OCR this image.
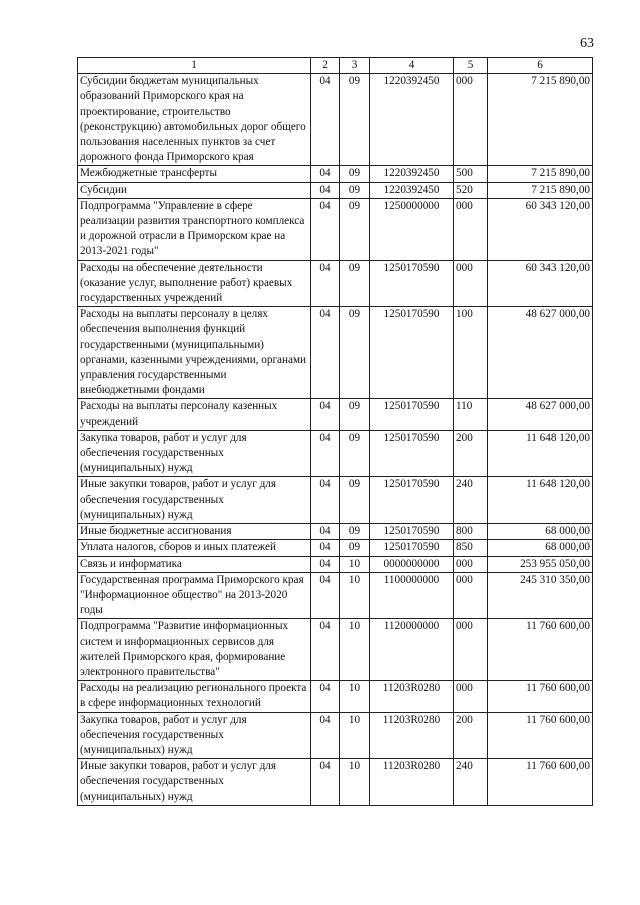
63
1	2	3	4	5	6
Субсидии бюджетам муниципальных образований Приморского края на проектирование, строительство (реконструкцию) автомобильных дорог общего пользования населенных пунктов за счет дорожного фонда Приморского края	04	09	1220392450	000	7 215 890,00
Межбюджетные трансферты	04	09	1220392450	500	7 215 890,00
Субсидии	04	09	1220392450	520	7 215 890,00
Подпрограмма "Управление в сфере реализации развития транспортного комплекса и дорожной отрасли в Приморском крае на 2013-2021 годы"	04	09	1250000000	000	60 343 120,00
Расходы на обеспечение деятельности (оказание услуг, выполнение работ) краевых государственных учреждений	04	09	1250170590	000	60 343 120,00
Расходы на выплаты персоналу в целях обеспечения выполнения функций государственными (муниципальными) органами, казенными учреждениями, органами управления государственными внебюджетными фондами	04	09	1250170590	100	48 627 000,00
Расходы на выплаты персоналу казенных учреждений	04	09	1250170590	110	48 627 000,00
Закупка товаров, работ и услуг для обеспечения государственных (муниципальных) нужд	04	09	1250170590	200	11 648 120,00
Иные закупки товаров, работ и услуг для обеспечения государственных (муниципальных) нужд	04	09	1250170590	240	11 648 120,00
Иные бюджетные ассигнования	04	09	1250170590	800	68 000,00
Уплата налогов, сборов и иных платежей	04	09	1250170590	850	68 000,00
Связь и информатика	04	10	0000000000	000	253 955 050,00
Государственная программа Приморского края "Информационное общество" на 2013-2020 годы	04	10	1100000000	000	245 310 350,00
Подпрограмма "Развитие информационных систем и информационных сервисов для жителей Приморского края, формирование электронного правительства"	04	10	1120000000	000	11 760 600,00
Расходы на реализацию регионального проекта в сфере информационных технологий	04	10	11203R0280	000	11 760 600,00
Закупка товаров, работ и услуг для обеспечения государственных (муниципальных) нужд	04	10	11203R0280	200	11 760 600,00
Иные закупки товаров, работ и услуг для обеспечения государственных (муниципальных) нужд	04	10	11203R0280	240	11 760 600,00
